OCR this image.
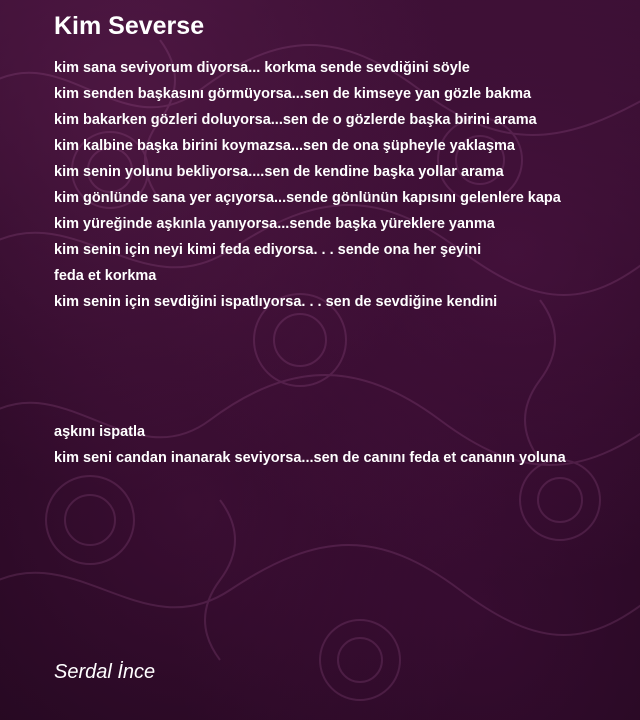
Kim Severse
kim sana seviyorum diyorsa... korkma sende sevdiğini söyle
kim senden başkasını görmüyorsa...sen de kimseye yan gözle bakma
kim bakarken gözleri doluyorsa...sen de o gözlerde başka birini arama
kim kalbine başka birini koymazsa...sen de ona şüpheyle yaklaşma
kim senin yolunu bekliyorsa....sen de kendine başka yollar arama
kim gönlünde sana yer açıyorsa...sende gönlünün kapısını gelenlere kapa
kim yüreğinde aşkınla yanıyorsa...sende başka yüreklere yanma
kim senin için neyi kimi feda ediyorsa. . . sende ona her şeyini
feda et korkma
kim senin için sevdiğini ispatlıyorsa. . . sen de sevdiğine kendini
aşkını ispatla
kim seni candan inanarak seviyorsa...sen de canını feda et cananın yoluna
Serdal İnce
